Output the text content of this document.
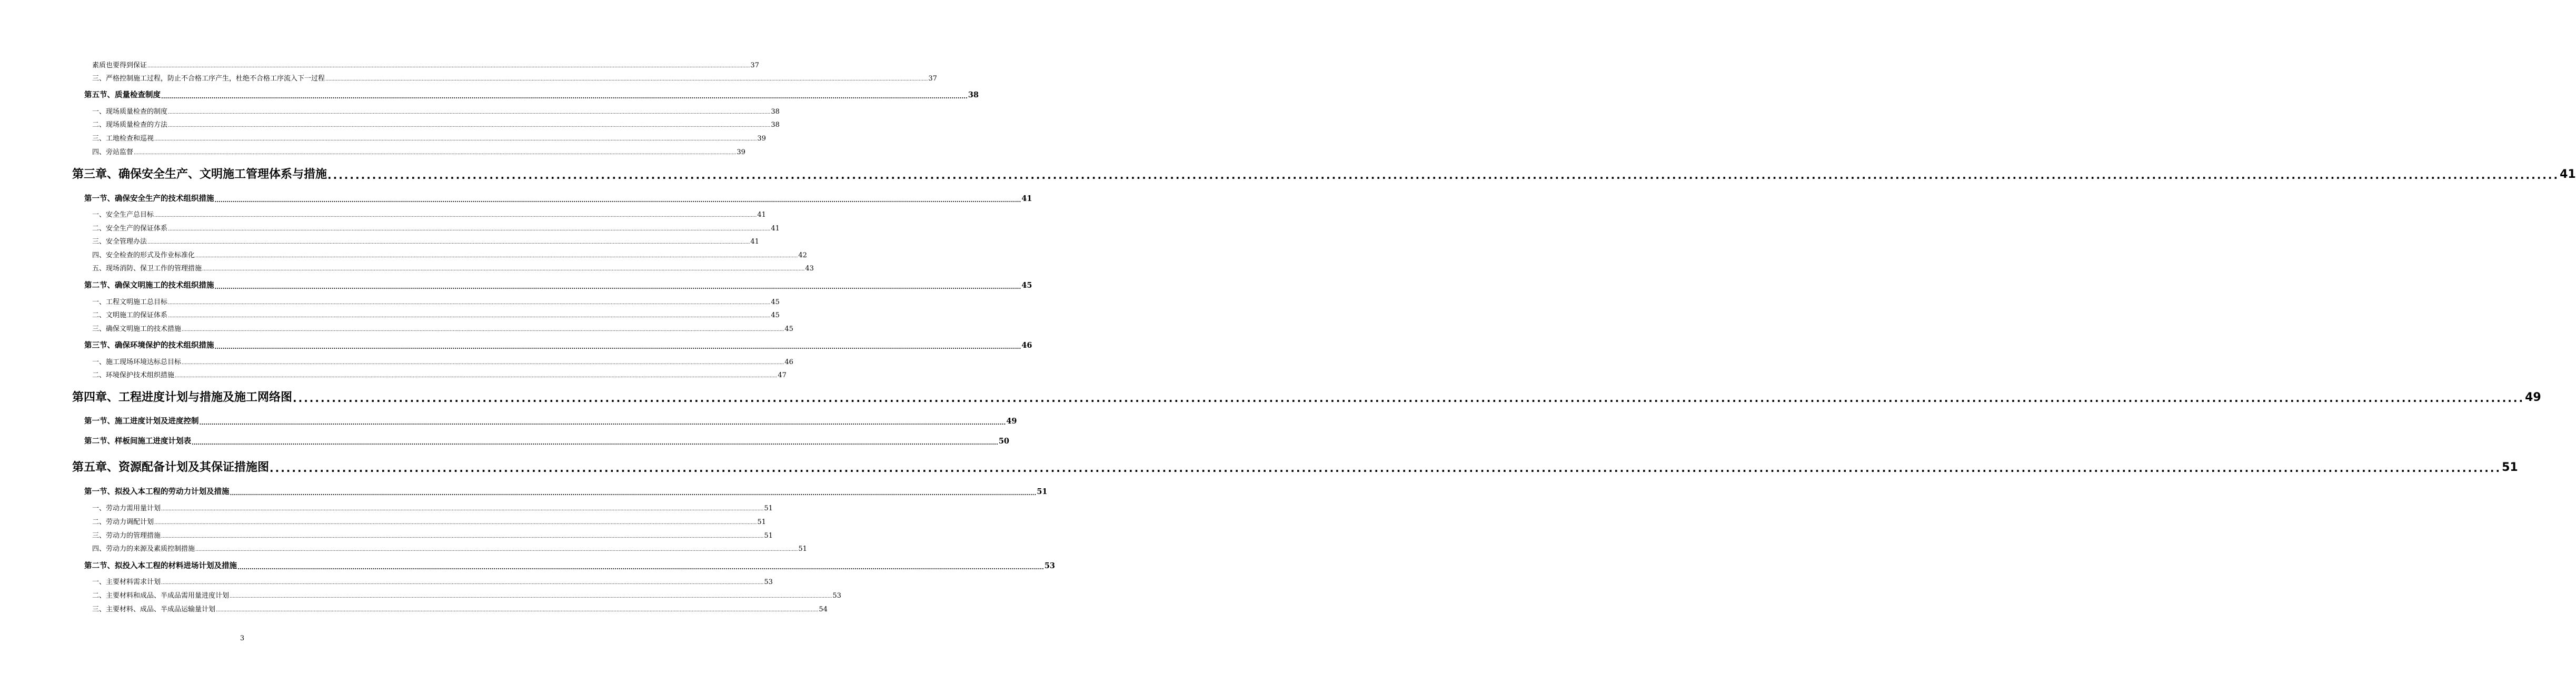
素质也要得到保证 ................................................................................................................................................................................................................................................................................................................................................................................................................ 37
三、严格控制施工过程，防止不合格工序产生，杜绝不合格工序流入下一过程 ................................................................................................................................................................................................................................................................................................................................................................................................................ 37
第五节、质量检查制度 ................................................................................................................................................................................................................................................................................................................................................................................................................ 38
一、现场质量检查的制度 ................................................................................................................................................................................................................................................................................................................................................................................................................ 38
二、现场质量检查的方法 ................................................................................................................................................................................................................................................................................................................................................................................................................ 38
三、工地检查和巡视 ................................................................................................................................................................................................................................................................................................................................................................................................................ 39
四、旁站监督 ................................................................................................................................................................................................................................................................................................................................................................................................................ 39
第三章、确保安全生产、文明施工管理体系与措施 ................................................................................................................................................................................................................................................................................................................................................................................................................ 41
第一节、确保安全生产的技术组织措施 ................................................................................................................................................................................................................................................................................................................................................................................................................ 41
一、安全生产总目标 ................................................................................................................................................................................................................................................................................................................................................................................................................ 41
二、安全生产的保证体系 ................................................................................................................................................................................................................................................................................................................................................................................................................ 41
三、安全管理办法 ................................................................................................................................................................................................................................................................................................................................................................................................................ 41
四、安全检查的形式及作业标准化 ................................................................................................................................................................................................................................................................................................................................................................................................................ 42
五、现场消防、保卫工作的管理措施 ................................................................................................................................................................................................................................................................................................................................................................................................................ 43
第二节、确保文明施工的技术组织措施 ................................................................................................................................................................................................................................................................................................................................................................................................................ 45
一、工程文明施工总目标 ................................................................................................................................................................................................................................................................................................................................................................................................................ 45
二、文明施工的保证体系 ................................................................................................................................................................................................................................................................................................................................................................................................................ 45
三、确保文明施工的技术措施 ................................................................................................................................................................................................................................................................................................................................................................................................................ 45
第三节、确保环境保护的技术组织措施 ................................................................................................................................................................................................................................................................................................................................................................................................................ 46
一、施工现场环境达标总目标 ................................................................................................................................................................................................................................................................................................................................................................................................................ 46
二、环境保护技术组织措施 ................................................................................................................................................................................................................................................................................................................................................................................................................ 47
第四章、工程进度计划与措施及施工网络图 ................................................................................................................................................................................................................................................................................................................................................................................................................ 49
第一节、施工进度计划及进度控制 ................................................................................................................................................................................................................................................................................................................................................................................................................ 49
第二节、样板间施工进度计划表 ................................................................................................................................................................................................................................................................................................................................................................................................................ 50
第五章、资源配备计划及其保证措施图 ................................................................................................................................................................................................................................................................................................................................................................................................................ 51
第一节、拟投入本工程的劳动力计划及措施 ................................................................................................................................................................................................................................................................................................................................................................................................................ 51
一、劳动力需用量计划 ................................................................................................................................................................................................................................................................................................................................................................................................................ 51
二、劳动力调配计划 ................................................................................................................................................................................................................................................................................................................................................................................................................ 51
三、劳动力的管理措施 ................................................................................................................................................................................................................................................................................................................................................................................................................ 51
四、劳动力的来源及素质控制措施 ................................................................................................................................................................................................................................................................................................................................................................................................................ 51
第二节、拟投入本工程的材料进场计划及措施 ................................................................................................................................................................................................................................................................................................................................................................................................................ 53
一、主要材料需求计划 ................................................................................................................................................................................................................................................................................................................................................................................................................ 53
二、主要材料和成品、半成品需用量进度计划 ................................................................................................................................................................................................................................................................................................................................................................................................................ 53
三、主要材料、成品、半成品运输量计划 ................................................................................................................................................................................................................................................................................................................................................................................................................ 54
3
